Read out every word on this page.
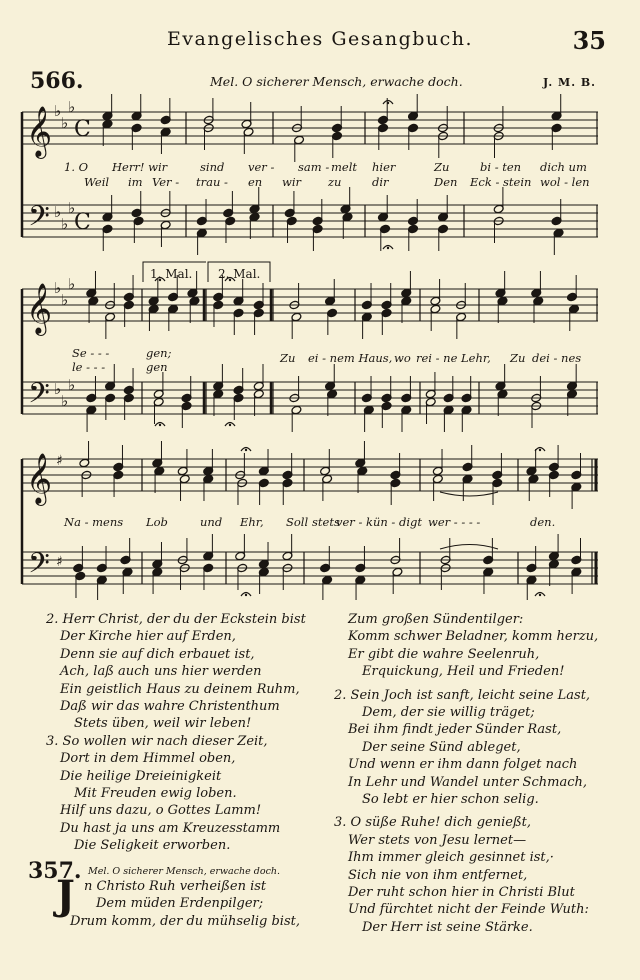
Evangelisches Gesangbuch.	35
566.	Mel. O sicherer Mensch, erwache doch.	J. M. B.
𝄞
𝄢
♭
♭
♭
♭
♭
♭
C
C
𝄞
𝄢
♭
♭
♭
♭
♭
♭
𝄞
𝄢
♯
♯
1. O Herr! wir	sind ver - sam - melt hier	Zu	bi - ten dich um
Weil im Ver - trau - en wir zu	dir	Den Eck - stein wol - len
Se - - -	gen;
le - - -	gen
Zu ei - nem Haus, wo rei - ne Lehr, Zu dei - nes
Na - mens Lob	und Ehr, Soll stets
ver - kün - digt wer - - - -	den.
1. Mal. 2. Mal.
2. Herr Christ, der du der Eckstein bist
Der Kirche hier auf Erden,
Denn sie auf dich erbauet ist,
Ach, laß auch uns hier werden
Ein geistlich Haus zu deinem Ruhm,
Daß wir das wahre Christenthum
Stets üben, weil wir leben!
3. So wollen wir nach dieser Zeit,
Dort in dem Himmel oben,
Die heilige Dreieinigkeit
Mit Freuden ewig loben.
Hilf uns dazu, o Gottes Lamm!
Du hast ja uns am Kreuzesstamm
Die Seligkeit erworben.
Zum großen Sündentilger:
Komm schwer Beladner, komm herzu,
Er gibt die wahre Seelenruh,
Erquickung, Heil und Frieden!
2. Sein Joch ist sanft, leicht seine Last,
Dem, der sie willig träget;
Bei ihm findt jeder Sünder Rast,
Der seine Sünd ableget,
Und wenn er ihm dann folget nach
In Lehr und Wandel unter Schmach,
So lebt er hier schon selig.
3. O süße Ruhe! dich genießt,
Wer stets von Jesu lernet—
Ihm immer gleich gesinnet ist,·
Sich nie von ihm entfernet,
Der ruht schon hier in Christi Blut
Und fürchtet nicht der Feinde Wuth:
Der Herr ist seine Stärke.
357. Mel. O sicherer Mensch, erwache doch.
J n Christo Ruh verheißen ist
Dem müden Erdenpilger;
Drum komm, der du mühselig bist,
